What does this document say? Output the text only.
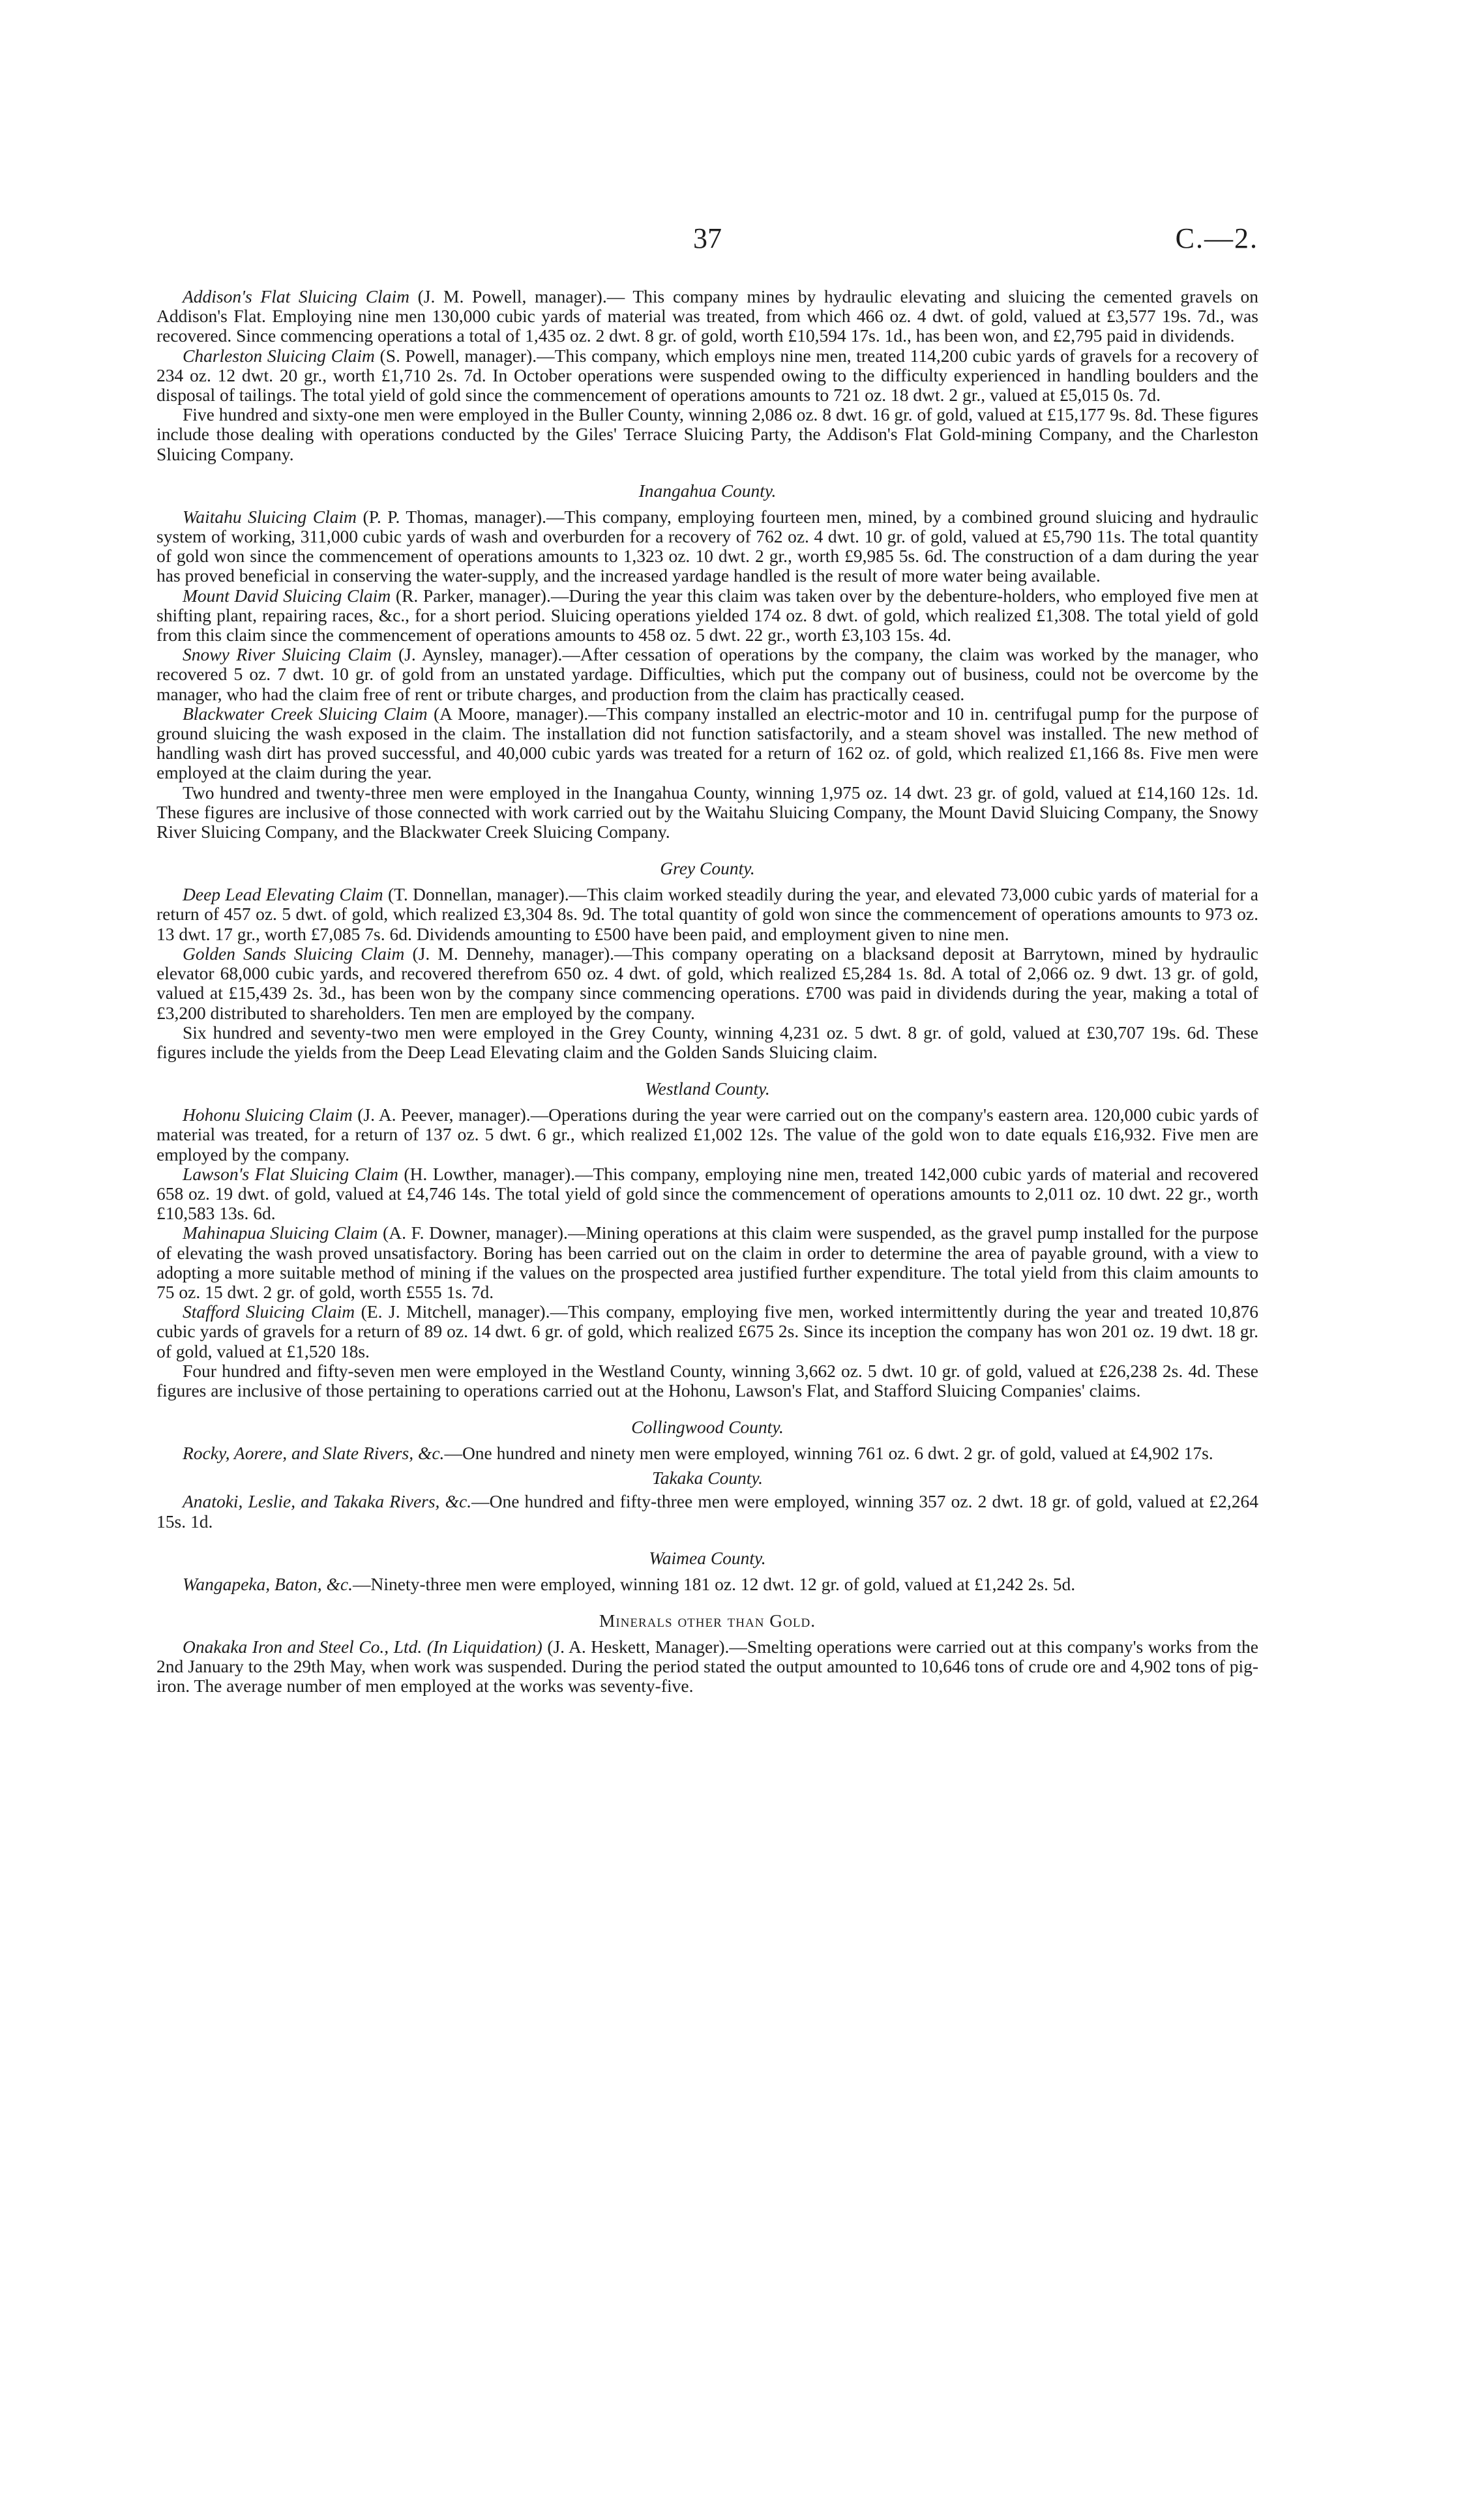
37	C.—2.

Addison's Flat Sluicing Claim (J. M. Powell, manager).— This company mines by hydraulic elevating and sluicing the cemented gravels on Addison's Flat. Employing nine men 130,000 cubic yards of material was treated, from which 466 oz. 4 dwt. of gold, valued at £3,577 19s. 7d., was recovered. Since commencing operations a total of 1,435 oz. 2 dwt. 8 gr. of gold, worth £10,594 17s. 1d., has been won, and £2,795 paid in dividends.

Charleston Sluicing Claim (S. Powell, manager).—This company, which employs nine men, treated 114,200 cubic yards of gravels for a recovery of 234 oz. 12 dwt. 20 gr., worth £1,710 2s. 7d. In October operations were suspended owing to the difficulty experienced in handling boulders and the disposal of tailings. The total yield of gold since the commencement of operations amounts to 721 oz. 18 dwt. 2 gr., valued at £5,015 0s. 7d.

Five hundred and sixty-one men were employed in the Buller County, winning 2,086 oz. 8 dwt. 16 gr. of gold, valued at £15,177 9s. 8d. These figures include those dealing with operations conducted by the Giles' Terrace Sluicing Party, the Addison's Flat Gold-mining Company, and the Charleston Sluicing Company.

Inangahua County.

Waitahu Sluicing Claim (P. P. Thomas, manager).—This company, employing fourteen men, mined, by a combined ground sluicing and hydraulic system of working, 311,000 cubic yards of wash and overburden for a recovery of 762 oz. 4 dwt. 10 gr. of gold, valued at £5,790 11s. The total quantity of gold won since the commencement of operations amounts to 1,323 oz. 10 dwt. 2 gr., worth £9,985 5s. 6d. The construction of a dam during the year has proved beneficial in conserving the water-supply, and the increased yardage handled is the result of more water being available.

Mount David Sluicing Claim (R. Parker, manager).—During the year this claim was taken over by the debenture-holders, who employed five men at shifting plant, repairing races, &c., for a short period. Sluicing operations yielded 174 oz. 8 dwt. of gold, which realized £1,308. The total yield of gold from this claim since the commencement of operations amounts to 458 oz. 5 dwt. 22 gr., worth £3,103 15s. 4d.

Snowy River Sluicing Claim (J. Aynsley, manager).—After cessation of operations by the company, the claim was worked by the manager, who recovered 5 oz. 7 dwt. 10 gr. of gold from an unstated yardage. Difficulties, which put the company out of business, could not be overcome by the manager, who had the claim free of rent or tribute charges, and production from the claim has practically ceased.

Blackwater Creek Sluicing Claim (A Moore, manager).—This company installed an electric-motor and 10 in. centrifugal pump for the purpose of ground sluicing the wash exposed in the claim. The installation did not function satisfactorily, and a steam shovel was installed. The new method of handling wash dirt has proved successful, and 40,000 cubic yards was treated for a return of 162 oz. of gold, which realized £1,166 8s. Five men were employed at the claim during the year.

Two hundred and twenty-three men were employed in the Inangahua County, winning 1,975 oz. 14 dwt. 23 gr. of gold, valued at £14,160 12s. 1d. These figures are inclusive of those connected with work carried out by the Waitahu Sluicing Company, the Mount David Sluicing Company, the Snowy River Sluicing Company, and the Blackwater Creek Sluicing Company.

Grey County.

Deep Lead Elevating Claim (T. Donnellan, manager).—This claim worked steadily during the year, and elevated 73,000 cubic yards of material for a return of 457 oz. 5 dwt. of gold, which realized £3,304 8s. 9d. The total quantity of gold won since the commencement of operations amounts to 973 oz. 13 dwt. 17 gr., worth £7,085 7s. 6d. Dividends amounting to £500 have been paid, and employment given to nine men.

Golden Sands Sluicing Claim (J. M. Dennehy, manager).—This company operating on a blacksand deposit at Barrytown, mined by hydraulic elevator 68,000 cubic yards, and recovered therefrom 650 oz. 4 dwt. of gold, which realized £5,284 1s. 8d. A total of 2,066 oz. 9 dwt. 13 gr. of gold, valued at £15,439 2s. 3d., has been won by the company since commencing operations. £700 was paid in dividends during the year, making a total of £3,200 distributed to shareholders. Ten men are employed by the company.

Six hundred and seventy-two men were employed in the Grey County, winning 4,231 oz. 5 dwt. 8 gr. of gold, valued at £30,707 19s. 6d. These figures include the yields from the Deep Lead Elevating claim and the Golden Sands Sluicing claim.

Westland County.

Hohonu Sluicing Claim (J. A. Peever, manager).—Operations during the year were carried out on the company's eastern area. 120,000 cubic yards of material was treated, for a return of 137 oz. 5 dwt. 6 gr., which realized £1,002 12s. The value of the gold won to date equals £16,932. Five men are employed by the company.

Lawson's Flat Sluicing Claim (H. Lowther, manager).—This company, employing nine men, treated 142,000 cubic yards of material and recovered 658 oz. 19 dwt. of gold, valued at £4,746 14s. The total yield of gold since the commencement of operations amounts to 2,011 oz. 10 dwt. 22 gr., worth £10,583 13s. 6d.

Mahinapua Sluicing Claim (A. F. Downer, manager).—Mining operations at this claim were suspended, as the gravel pump installed for the purpose of elevating the wash proved unsatisfactory. Boring has been carried out on the claim in order to determine the area of payable ground, with a view to adopting a more suitable method of mining if the values on the prospected area justified further expenditure. The total yield from this claim amounts to 75 oz. 15 dwt. 2 gr. of gold, worth £555 1s. 7d.

Stafford Sluicing Claim (E. J. Mitchell, manager).—This company, employing five men, worked intermittently during the year and treated 10,876 cubic yards of gravels for a return of 89 oz. 14 dwt. 6 gr. of gold, which realized £675 2s. Since its inception the company has won 201 oz. 19 dwt. 18 gr. of gold, valued at £1,520 18s.

Four hundred and fifty-seven men were employed in the Westland County, winning 3,662 oz. 5 dwt. 10 gr. of gold, valued at £26,238 2s. 4d. These figures are inclusive of those pertaining to operations carried out at the Hohonu, Lawson's Flat, and Stafford Sluicing Companies' claims.

Collingwood County.

Rocky, Aorere, and Slate Rivers, &c.—One hundred and ninety men were employed, winning 761 oz. 6 dwt. 2 gr. of gold, valued at £4,902 17s.

Takaka County.

Anatoki, Leslie, and Takaka Rivers, &c.—One hundred and fifty-three men were employed, winning 357 oz. 2 dwt. 18 gr. of gold, valued at £2,264 15s. 1d.

Waimea County.

Wangapeka, Baton, &c.—Ninety-three men were employed, winning 181 oz. 12 dwt. 12 gr. of gold, valued at £1,242 2s. 5d.

Minerals other than Gold.

Onakaka Iron and Steel Co., Ltd. (In Liquidation) (J. A. Heskett, Manager).—Smelting operations were carried out at this company's works from the 2nd January to the 29th May, when work was suspended. During the period stated the output amounted to 10,646 tons of crude ore and 4,902 tons of pig-iron. The average number of men employed at the works was seventy-five.
